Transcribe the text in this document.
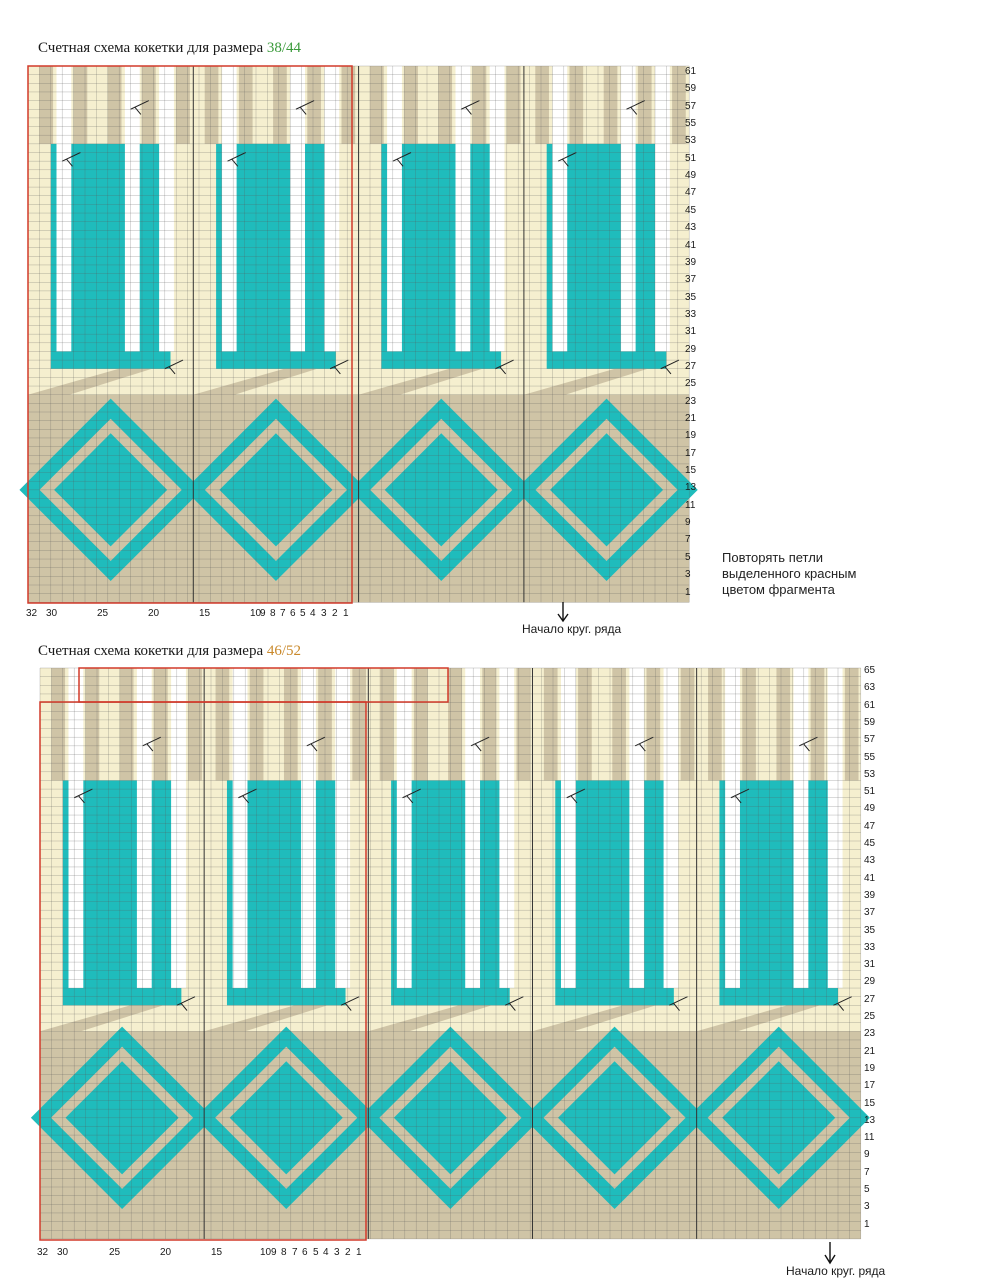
Счетная схема кокетки для размера 38/44
61
59
57
55
53
51
49
47
45
43
41
39
37
35
33
31
29
27
25
23
21
19
17
15
13
11
9
7
5
3
1
32 30	25	20	15	10
9 8 7 6 5 4 3 2 1
Начало круг. ряда
Повторять петли выделенного красным цветом фрагмента
Счетная схема кокетки для размера 46/52
65
63
61
59
57
55
53
51
49
47
45
43
41
39
37
35
33
31
29
27
25
23
21
19
17
15
13
11
9
7
5
3
1
32 30	25	20	15	10 9 8 7 6 5 4 3 2 1
Начало круг. ряда
